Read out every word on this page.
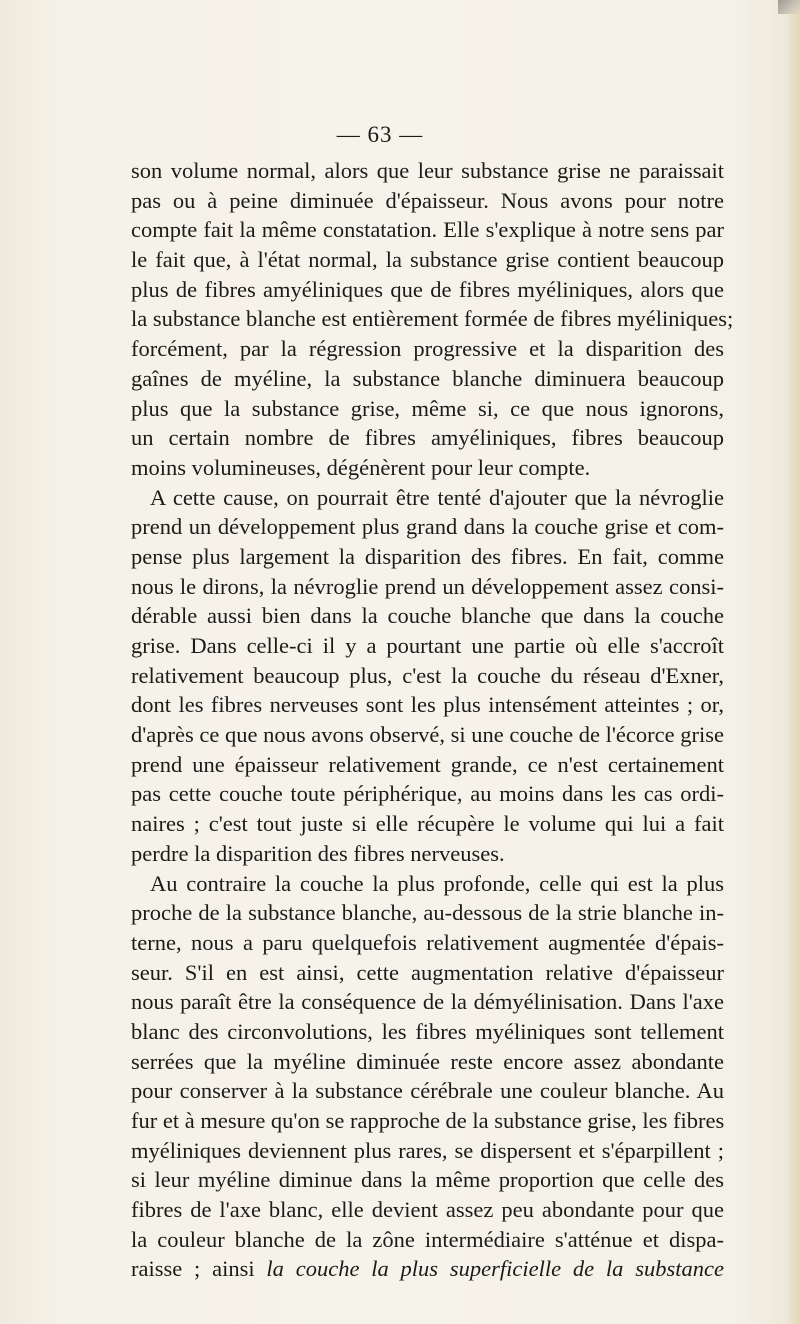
— 63 —
son volume normal, alors que leur substance grise ne paraissait
pas ou à peine diminuée d'épaisseur. Nous avons pour notre
compte fait la même constatation. Elle s'explique à notre sens par
le fait que, à l'état normal, la substance grise contient beaucoup
plus de fibres amyéliniques que de fibres myéliniques, alors que
la substance blanche est entièrement formée de fibres myéliniques;
forcément, par la régression progressive et la disparition des
gaînes de myéline, la substance blanche diminuera beaucoup
plus que la substance grise, même si, ce que nous ignorons,
un certain nombre de fibres amyéliniques, fibres beaucoup
moins volumineuses, dégénèrent pour leur compte.
A cette cause, on pourrait être tenté d'ajouter que la névroglie
prend un développement plus grand dans la couche grise et com-
pense plus largement la disparition des fibres. En fait, comme
nous le dirons, la névroglie prend un développement assez consi-
dérable aussi bien dans la couche blanche que dans la couche
grise. Dans celle-ci il y a pourtant une partie où elle s'accroît
relativement beaucoup plus, c'est la couche du réseau d'Exner,
dont les fibres nerveuses sont les plus intensément atteintes ; or,
d'après ce que nous avons observé, si une couche de l'écorce grise
prend une épaisseur relativement grande, ce n'est certainement
pas cette couche toute périphérique, au moins dans les cas ordi-
naires ; c'est tout juste si elle récupère le volume qui lui a fait
perdre la disparition des fibres nerveuses.
Au contraire la couche la plus profonde, celle qui est la plus
proche de la substance blanche, au-dessous de la strie blanche in-
terne, nous a paru quelquefois relativement augmentée d'épais-
seur. S'il en est ainsi, cette augmentation relative d'épaisseur
nous paraît être la conséquence de la démyélinisation. Dans l'axe
blanc des circonvolutions, les fibres myéliniques sont tellement
serrées que la myéline diminuée reste encore assez abondante
pour conserver à la substance cérébrale une couleur blanche. Au
fur et à mesure qu'on se rapproche de la substance grise, les fibres
myéliniques deviennent plus rares, se dispersent et s'éparpillent ;
si leur myéline diminue dans la même proportion que celle des
fibres de l'axe blanc, elle devient assez peu abondante pour que
la couleur blanche de la zône intermédiaire s'atténue et dispa-
raisse ; ainsi la couche la plus superficielle de la substance
